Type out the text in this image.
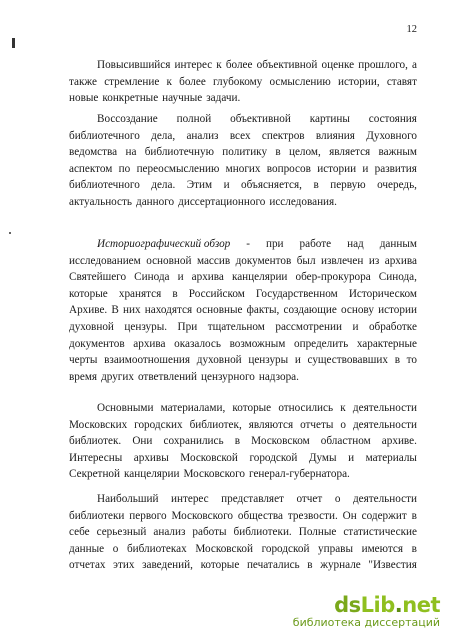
12
Повысившийся интерес к более объективной оценке прошлого, а
также стремление к более глубокому осмыслению истории, ставят
новые конкретные научные задачи.
Воссоздание полной объективной картины состояния
библиотечного дела, анализ всех спектров влияния Духовного
ведомства на библиотечную политику в целом, является важным
аспектом по переосмыслению многих вопросов истории и развития
библиотечного дела. Этим и объясняется, в первую очередь,
актуальность данного диссертационного исследования.
Историографический обзор - при работе над данным
исследованием основной массив документов был извлечен из архива
Святейшего Синода и архива канцелярии обер-прокурора Синода,
которые хранятся в Российском Государственном Историческом
Архиве. В них находятся основные факты, создающие основу истории
духовной цензуры. При тщательном рассмотрении и обработке
документов архива оказалось возможным определить характерные
черты взаимоотношения духовной цензуры и существовавших в то
время других ответвлений цензурного надзора.
Основными материалами, которые относились к деятельности
Московских городских библиотек, являются отчеты о деятельности
библиотек. Они сохранились в Московском областном архиве.
Интересны архивы Московской городской Думы и материалы
Секретной канцелярии Московского генерал-губернатора.
Наибольший интерес представляет отчет о деятельности
библиотеки первого Московского общества трезвости. Он содержит в
себе серьезный анализ работы библиотеки. Полные статистические
данные о библиотеках Московской городской управы имеются в
отчетах этих заведений, которые печатались в журнале "Известия
dsLib.net
библиотека диссертаций
